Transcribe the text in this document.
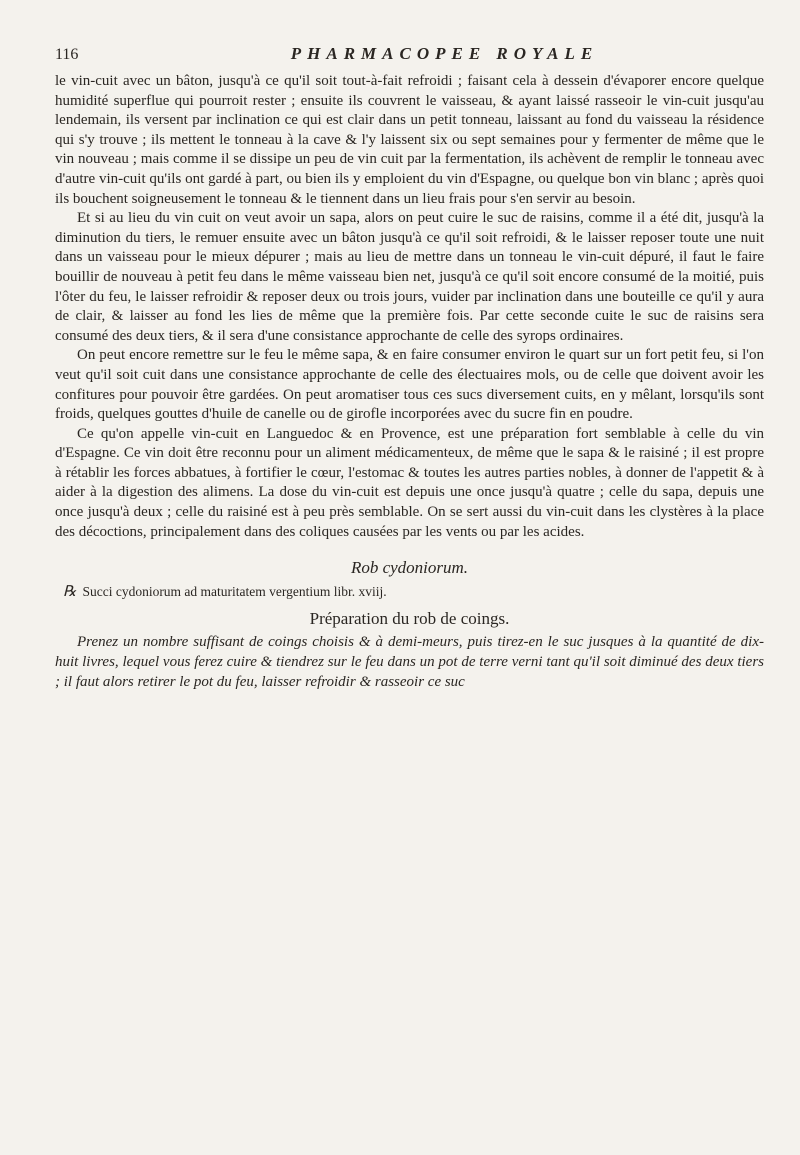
116	PHARMACOPEE ROYALE

le vin-cuit avec un bâton, jusqu'à ce qu'il soit tout-à-fait refroidi ; faisant cela à dessein d'évaporer encore quelque humidité superflue qui pourroit rester ; ensuite ils couvrent le vaisseau, & ayant laissé rasseoir le vin-cuit jusqu'au lendemain, ils versent par inclination ce qui est clair dans un petit tonneau, laissant au fond du vaisseau la résidence qui s'y trouve ; ils mettent le tonneau à la cave & l'y laissent six ou sept semaines pour y fermenter de même que le vin nouveau ; mais comme il se dissipe un peu de vin cuit par la fermentation, ils achèvent de remplir le tonneau avec d'autre vin-cuit qu'ils ont gardé à part, ou bien ils y emploient du vin d'Espagne, ou quelque bon vin blanc ; après quoi ils bouchent soigneusement le tonneau & le tiennent dans un lieu frais pour s'en servir au besoin.

Et si au lieu du vin cuit on veut avoir un sapa, alors on peut cuire le suc de raisins, comme il a été dit, jusqu'à la diminution du tiers, le remuer ensuite avec un bâton jusqu'à ce qu'il soit refroidi, & le laisser reposer toute une nuit dans un vaisseau pour le mieux dépurer ; mais au lieu de mettre dans un tonneau le vin-cuit dépuré, il faut le faire bouillir de nouveau à petit feu dans le même vaisseau bien net, jusqu'à ce qu'il soit encore consumé de la moitié, puis l'ôter du feu, le laisser refroidir & reposer deux ou trois jours, vuider par inclination dans une bouteille ce qu'il y aura de clair, & laisser au fond les lies de même que la première fois. Par cette seconde cuite le suc de raisins sera consumé des deux tiers, & il sera d'une consistance approchante de celle des syrops ordinaires.

On peut encore remettre sur le feu le même sapa, & en faire consumer environ le quart sur un fort petit feu, si l'on veut qu'il soit cuit dans une consistance approchante de celle des électuaires mols, ou de celle que doivent avoir les confitures pour pouvoir être gardées. On peut aromatiser tous ces sucs diversement cuits, en y mêlant, lorsqu'ils sont froids, quelques gouttes d'huile de canelle ou de girofle incorporées avec du sucre fin en poudre.

Ce qu'on appelle vin-cuit en Languedoc & en Provence, est une préparation fort semblable à celle du vin d'Espagne. Ce vin doit être reconnu pour un aliment médicamenteux, de même que le sapa & le raisiné ; il est propre à rétablir les forces abbatues, à fortifier le cœur, l'estomac & toutes les autres parties nobles, à donner de l'appetit & à aider à la digestion des alimens. La dose du vin-cuit est depuis une once jusqu'à quatre ; celle du sapa, depuis une once jusqu'à deux ; celle du raisiné est à peu près semblable. On se sert aussi du vin-cuit dans les clystères à la place des décoctions, principalement dans des coliques causées par les vents ou par les acides.

Rob cydoniorum.
℞ Succi cydoniorum ad maturitatem vergentium libr. xviij.
Préparation du rob de coings.

Prenez un nombre suffisant de coings choisis & à demi-meurs, puis tirez-en le suc jusques à la quantité de dix-huit livres, lequel vous ferez cuire & tiendrez sur le feu dans un pot de terre verni tant qu'il soit diminué des deux tiers ; il faut alors retirer le pot du feu, laisser refroidir & rasseoir ce suc
